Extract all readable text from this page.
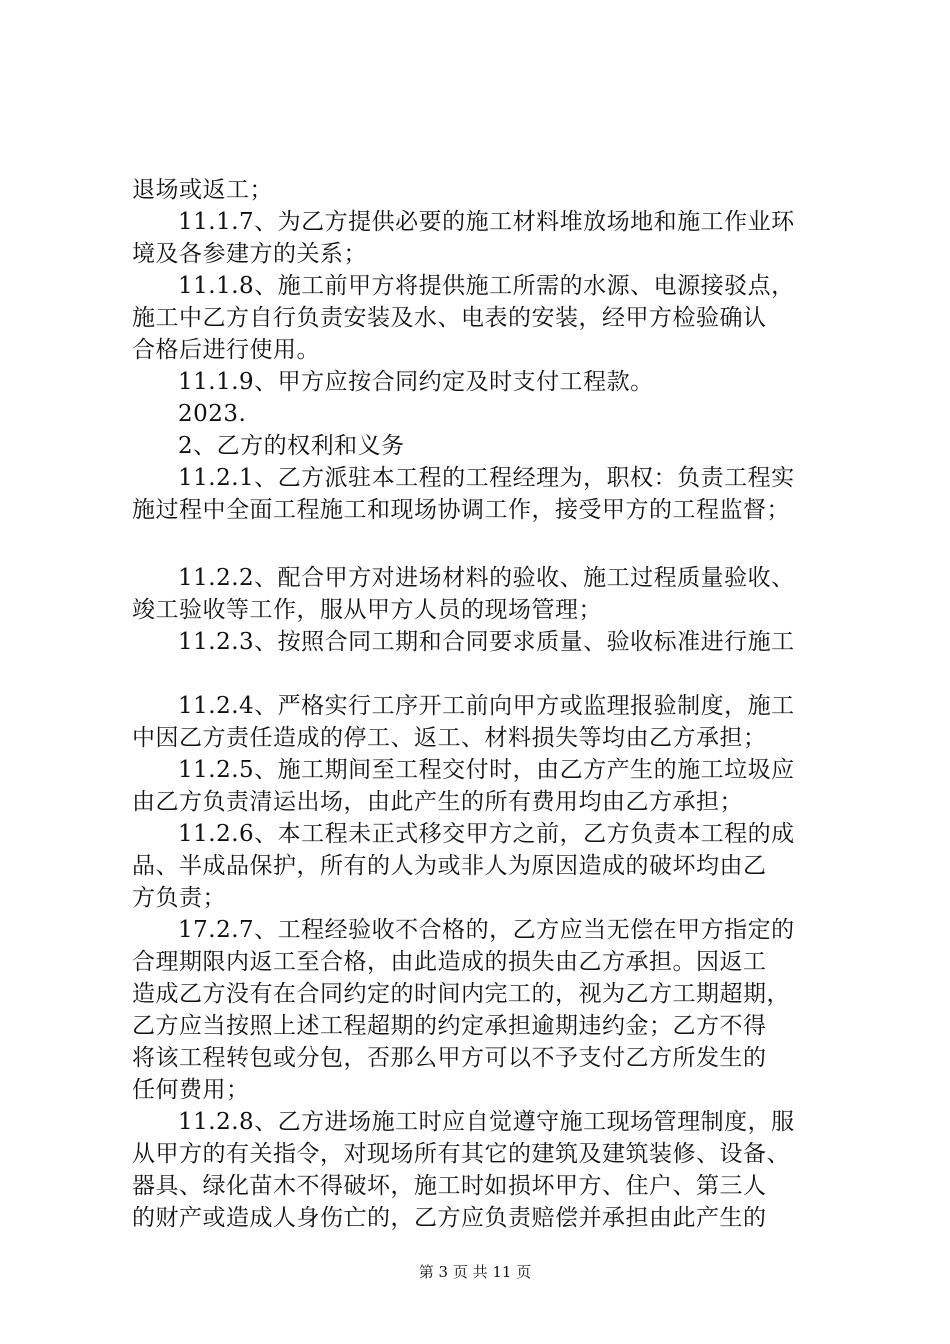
退场或返工；
11.1.7、为乙方提供必要的施工材料堆放场地和施工作业环
境及各参建方的关系；
11.1.8、施工前甲方将提供施工所需的水源、电源接驳点，
施工中乙方自行负责安装及水、电表的安装，经甲方检验确认
合格后进行使用。
11.1.9、甲方应按合同约定及时支付工程款。
2023.
2、乙方的权利和义务
11.2.1、乙方派驻本工程的工程经理为，职权：负责工程实
施过程中全面工程施工和现场协调工作，接受甲方的工程监督；
11.2.2、配合甲方对进场材料的验收、施工过程质量验收、
竣工验收等工作，服从甲方人员的现场管理；
11.2.3、按照合同工期和合同要求质量、验收标准进行施工
11.2.4、严格实行工序开工前向甲方或监理报验制度，施工
中因乙方责任造成的停工、返工、材料损失等均由乙方承担；
11.2.5、施工期间至工程交付时，由乙方产生的施工垃圾应
由乙方负责清运出场，由此产生的所有费用均由乙方承担；
11.2.6、本工程未正式移交甲方之前，乙方负责本工程的成
品、半成品保护，所有的人为或非人为原因造成的破坏均由乙
方负责；
17.2.7、工程经验收不合格的，乙方应当无偿在甲方指定的
合理期限内返工至合格，由此造成的损失由乙方承担。因返工
造成乙方没有在合同约定的时间内完工的，视为乙方工期超期，
乙方应当按照上述工程超期的约定承担逾期违约金；乙方不得
将该工程转包或分包，否那么甲方可以不予支付乙方所发生的
任何费用；
11.2.8、乙方进场施工时应自觉遵守施工现场管理制度，服
从甲方的有关指令，对现场所有其它的建筑及建筑装修、设备、
器具、绿化苗木不得破坏，施工时如损坏甲方、住户、第三人
的财产或造成人身伤亡的，乙方应负责赔偿并承担由此产生的
第 3 页 共 11 页
